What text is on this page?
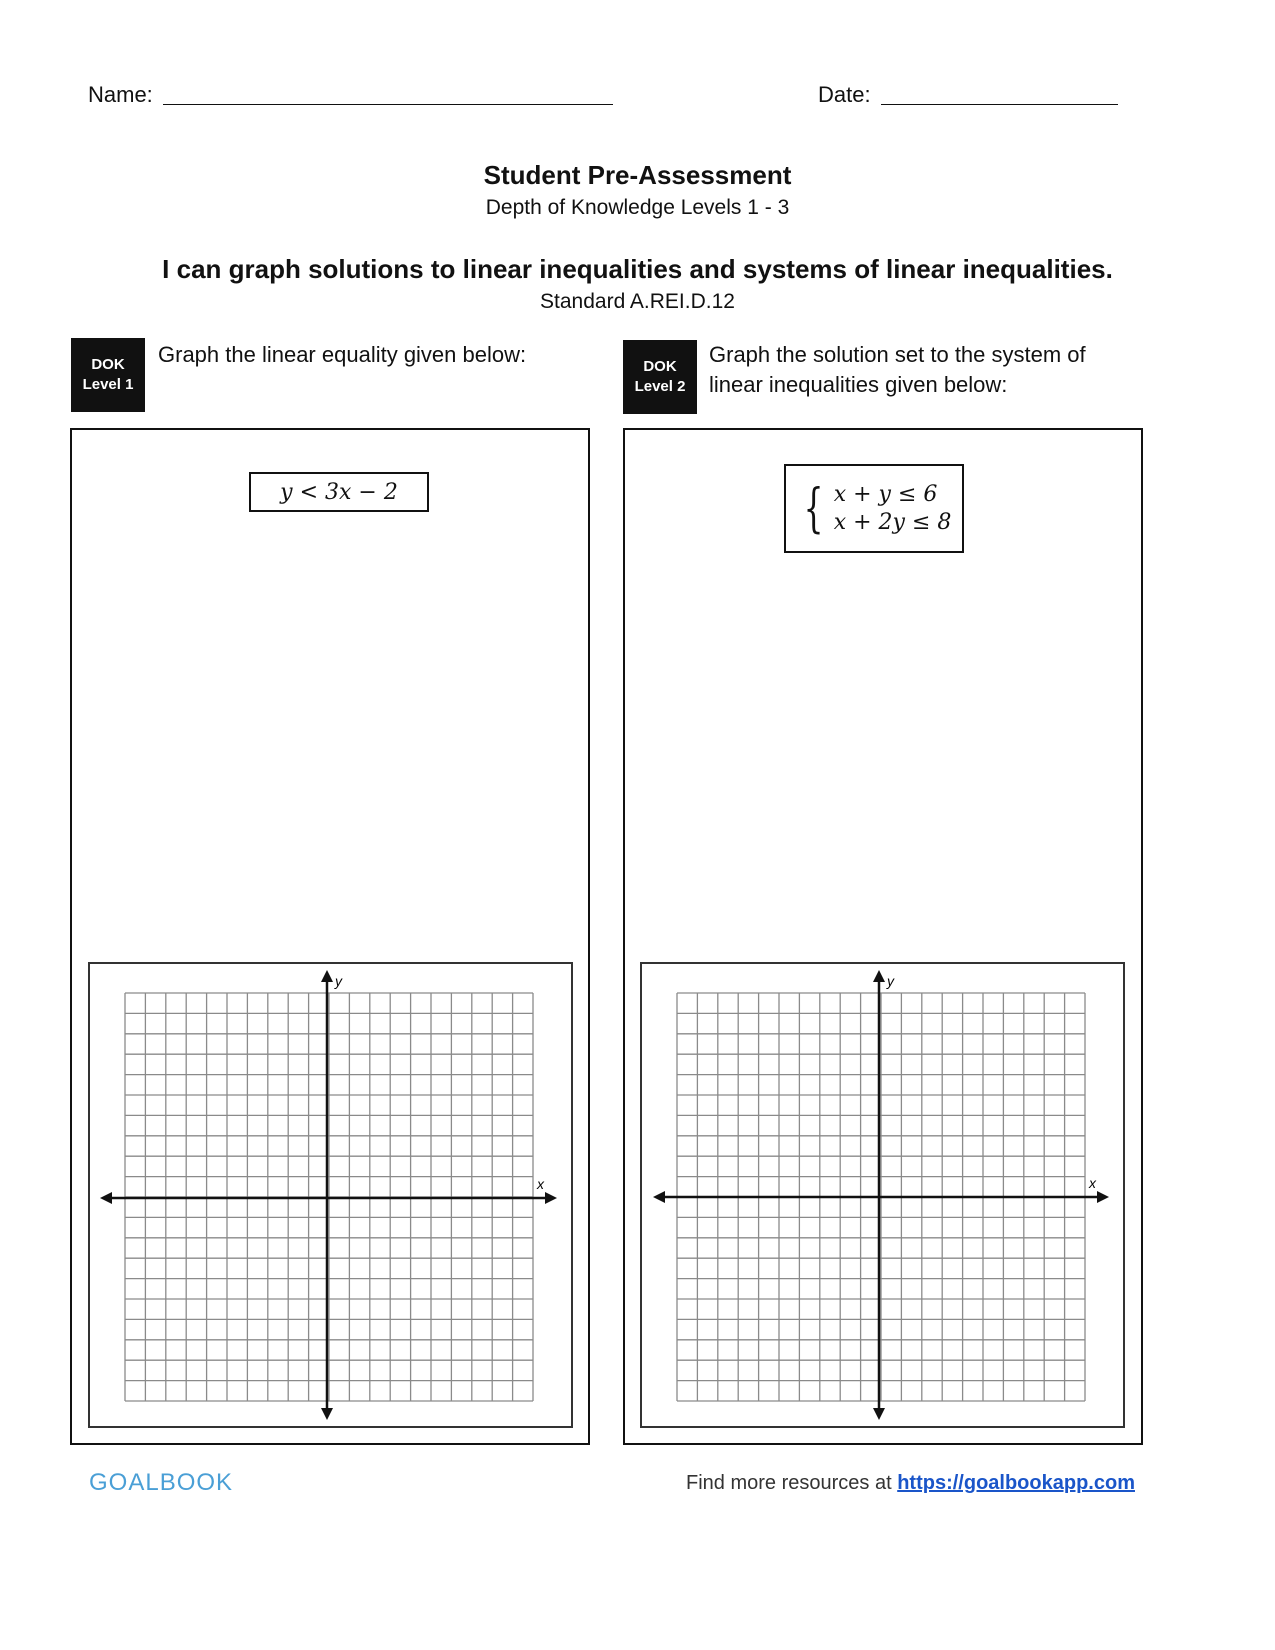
Name:	Date:
Student Pre-Assessment
Depth of Knowledge Levels 1 - 3
I can graph solutions to linear inequalities and systems of linear inequalities.
Standard A.REI.D.12
DOK
Level 1
Graph the linear equality given below:	DOK
Level 2
Graph the solution set to the system of
linear inequalities given below:
y < 3x − 2
y
x
{ x + y ≤ 6
x + 2y ≤ 8
y
x
GOALBOOK	Find more resources at https://goalbookapp.com
